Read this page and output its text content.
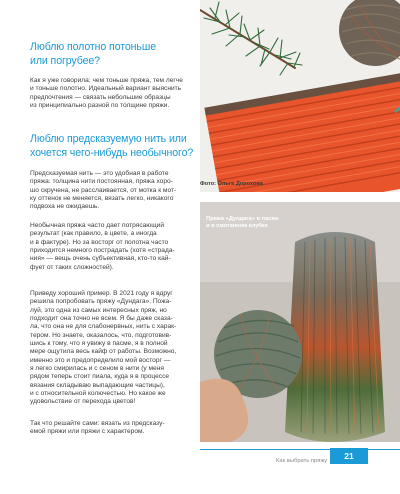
Люблю полотно потоньше
или погрубее?
Как я уже говорила: чем тоньше пряжа, тем легче
и тоньше полотно. Идеальный вариант выяснить
предпочтения — связать небольшие образцы
из принципиально разной по толщине пряжи.
Люблю предсказуемую нить или
хочется чего-нибудь необычного?
Предсказуемая нить — это удобная в работе
пряжа: толщина нити постоянная, пряжа хоро-
шо скручена, не расслаивается, от мотка к мот-
ку оттенок не меняется, вязать легко, никакого
подвоха не ожидаешь.
Необычная пряжа часто дает потрясающий
результат (как правило, в цвете, а иногда
и в фактуре). Но за восторг от полотна часто
приходится немного пострадать (хотя «страда-
ния» — вещь очень субъективная, кто-то кай-
фует от таких сложностей).
Приведу хороший пример. В 2021 году я вдруг
решила попробовать пряжу «Дундага». Пожа-
луй, это одна из самых интересных пряж, но
подходит она точно не всем. Я бы даже сказа-
ла, что она не для слабонервных, нить с харак-
тером. Но знаете, оказалось, что, подготовив-
шись к тому, что я увижу в пасме, я в полной
мере ощутила весь кайф от работы. Возможно,
именно это и предопределило мой восторг —
я легко смирилась и с сеном в нити (у меня
рядом теперь стоит пиала, куда я в процессе
вязания складываю выпадающие частицы),
и с относительной колючестью. Но какое же
удовольствие от перехода цветов!
Так что решайте сами: вязать из предсказу-
емой пряжи или пряжи с характером.
Фото: Ольга Дорохова
Пряжа «Дундага» в пасме
и в смотанном клубке
Как выбрать пряжу	21
